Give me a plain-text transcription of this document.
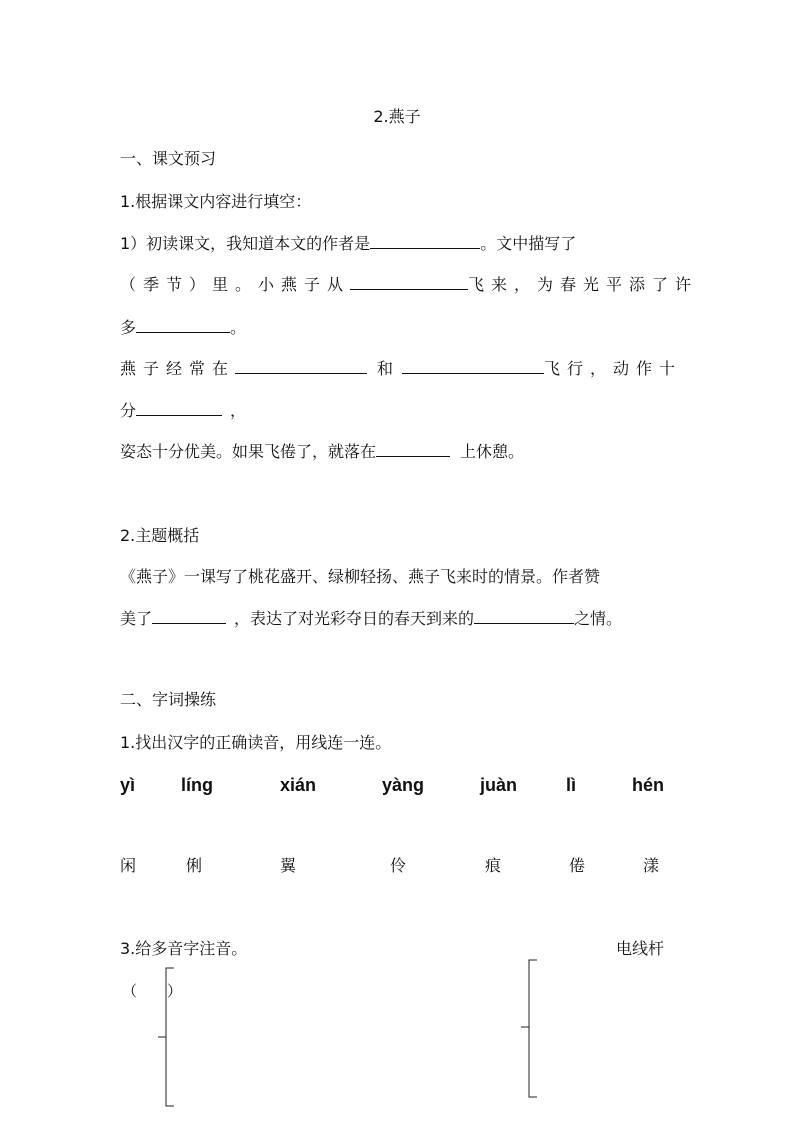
2.燕子
一、课文预习
1.根据课文内容进行填空：
1）初读课文，我知道本文的作者是	。文中描写了
（季节）里。小燕子从	飞来，为春光平添了许
多	。
燕子经常在	和	飞行，动作十
分	，
姿态十分优美。如果飞倦了，就落在	上休憩。
2.主题概括
《燕子》一课写了桃花盛开、绿柳轻扬、燕子飞来时的情景。作者赞
美了	，表达了对光彩夺日的春天到来的	之情。
二、字词操练
1.找出汉字的正确读音，用线连一连。
yì	líng	xián	yàng	juàn	lì	hén
闲	俐	翼	伶	痕	倦	漾
3.给多音字注音。	电线杆
（　　）
